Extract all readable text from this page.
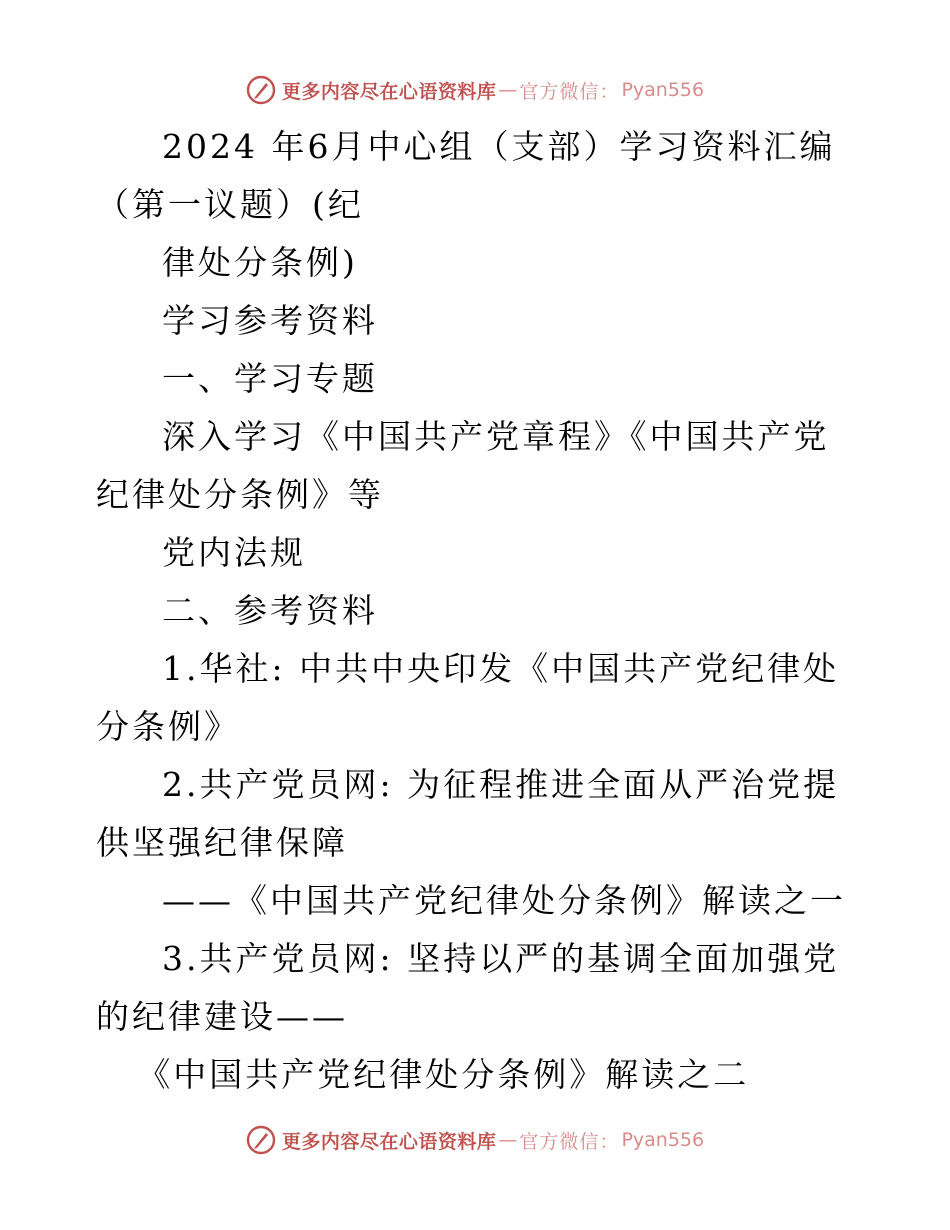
更多内容尽在心语资料库 — 官方微信： Pyan556

2024 年6月中心组（支部）学习资料汇编（第一议题）(纪

律处分条例)

学习参考资料

一、学习专题

深入学习《中国共产党章程》《中国共产党纪律处分条例》等

党内法规

二、参考资料

1.华社: 中共中央印发《中国共产党纪律处分条例》

2.共产党员网: 为征程推进全面从严治党提供坚强纪律保障

——《中国共产党纪律处分条例》解读之一

3.共产党员网: 坚持以严的基调全面加强党的纪律建设——

《中国共产党纪律处分条例》解读之二

更多内容尽在心语资料库 — 官方微信： Pyan556
